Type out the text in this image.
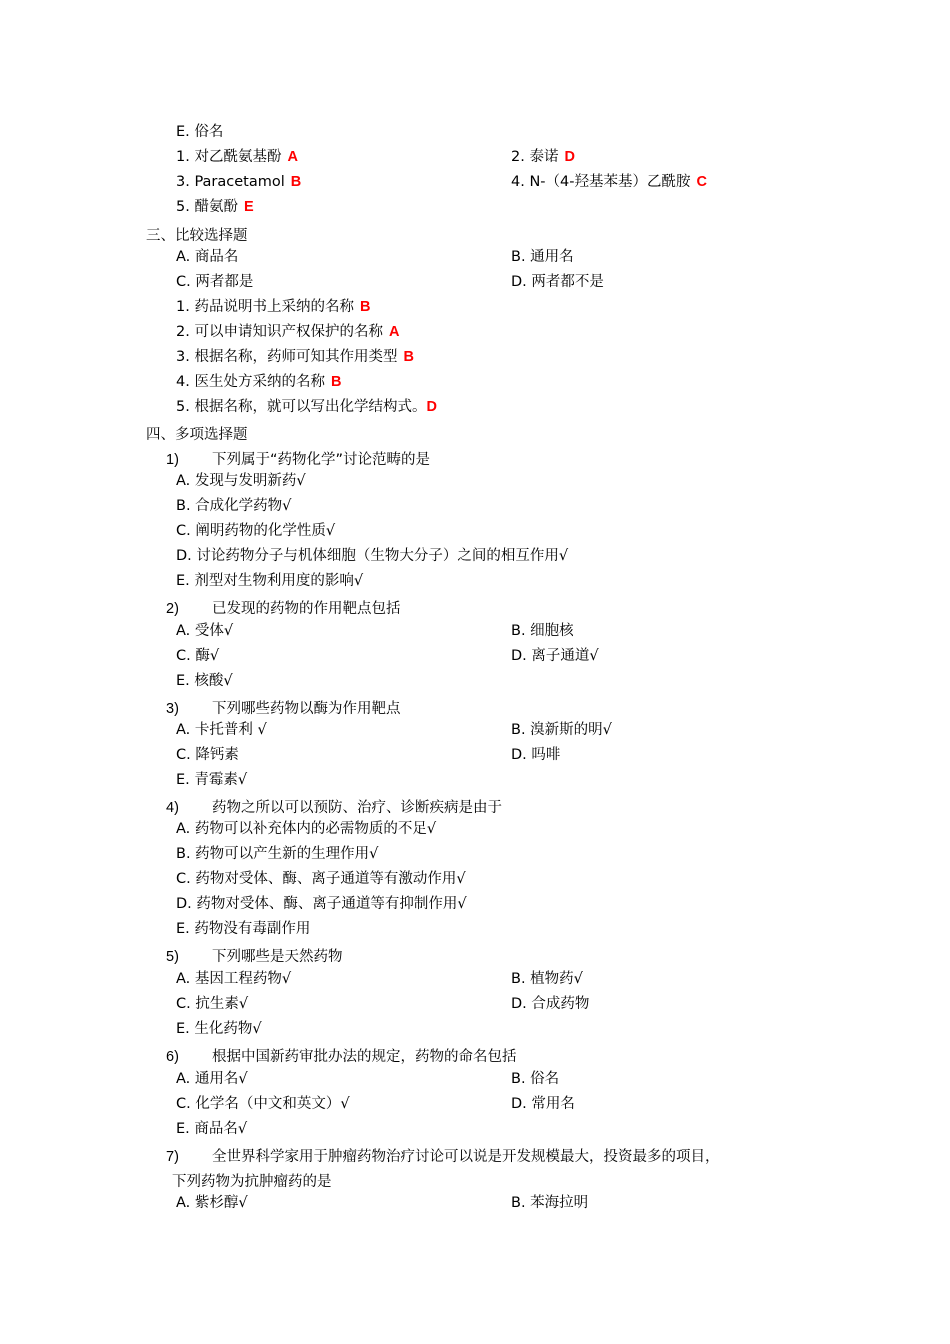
E. 俗名
1. 对乙酰氨基酚 A	2. 泰诺 D
3. Paracetamol B	4. N-（4-羟基苯基）乙酰胺 C
5. 醋氨酚 E
三、比较选择题
A. 商品名	B. 通用名
C. 两者都是	D. 两者都不是
1. 药品说明书上采纳的名称 B
2. 可以申请知识产权保护的名称 A
3. 根据名称，药师可知其作用类型 B
4. 医生处方采纳的名称 B
5. 根据名称，就可以写出化学结构式。D
四、多项选择题
1) 下列属于“药物化学”讨论范畴的是
A. 发现与发明新药√
B. 合成化学药物√
C. 阐明药物的化学性质√
D. 讨论药物分子与机体细胞（生物大分子）之间的相互作用√
E. 剂型对生物利用度的影响√
2) 已发现的药物的作用靶点包括
A. 受体√	B. 细胞核
C. 酶√	D. 离子通道√
E. 核酸√
3) 下列哪些药物以酶为作用靶点
A. 卡托普利 √	B. 溴新斯的明√
C. 降钙素	D. 吗啡
E. 青霉素√
4) 药物之所以可以预防、治疗、诊断疾病是由于
A. 药物可以补充体内的必需物质的不足√
B. 药物可以产生新的生理作用√
C. 药物对受体、酶、离子通道等有激动作用√
D. 药物对受体、酶、离子通道等有抑制作用√
E. 药物没有毒副作用
5) 下列哪些是天然药物
A. 基因工程药物√	B. 植物药√
C. 抗生素√	D. 合成药物
E. 生化药物√
6) 根据中国新药审批办法的规定，药物的命名包括
A. 通用名√	B. 俗名
C. 化学名（中文和英文）√	D. 常用名
E. 商品名√
7) 全世界科学家用于肿瘤药物治疗讨论可以说是开发规模最大，投资最多的项目，
下列药物为抗肿瘤药的是
A. 紫杉醇√	B. 苯海拉明
